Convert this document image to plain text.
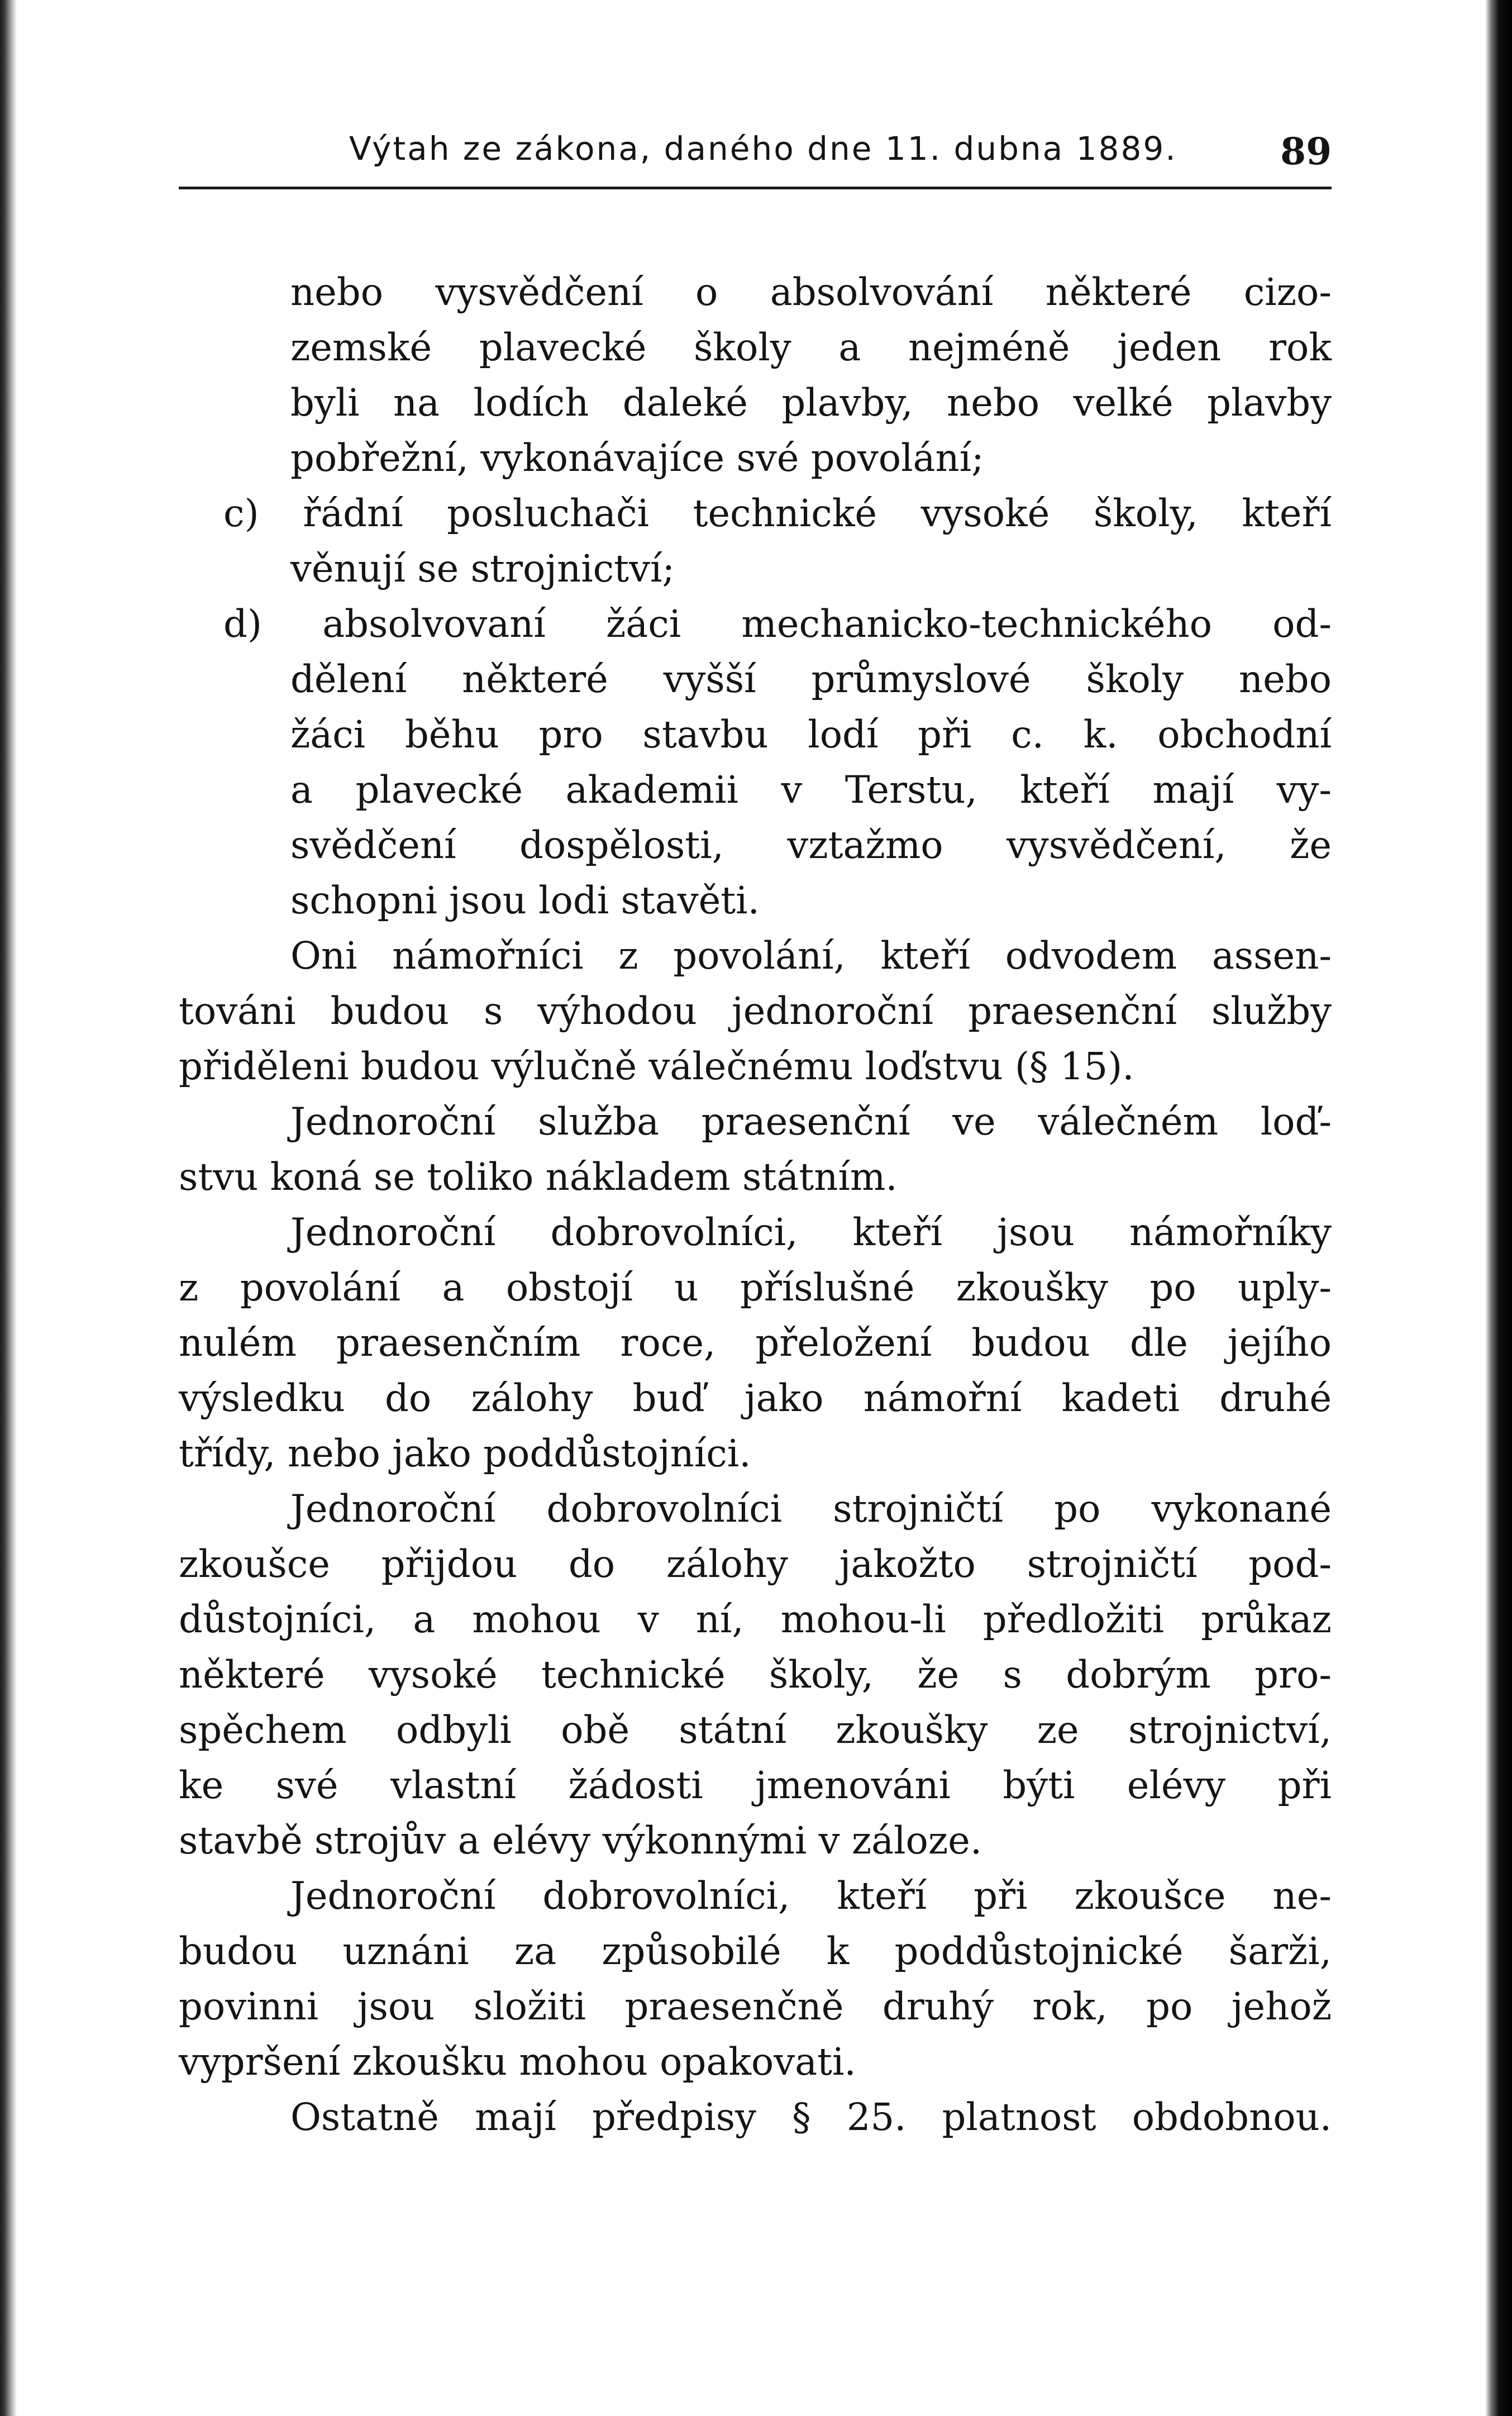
Výtah ze zákona, daného dne 11. dubna 1889.	89
nebo vysvědčení o absolvování některé cizo-
zemské plavecké školy a nejméně jeden rok
byli na lodích daleké plavby, nebo velké plavby
pobřežní, vykonávajíce své povolání;
c) řádní posluchači technické vysoké školy, kteří
věnují se strojnictví;
d) absolvovaní žáci mechanicko-technického od-
dělení některé vyšší průmyslové školy nebo
žáci běhu pro stavbu lodí při c. k. obchodní
a plavecké akademii v Terstu, kteří mají vy-
svědčení dospělosti, vztažmo vysvědčení, že
schopni jsou lodi stavěti.
Oni námořníci z povolání, kteří odvodem assen-
továni budou s výhodou jednoroční praesenční služby
přiděleni budou výlučně válečnému loďstvu (§ 15).
Jednoroční služba praesenční ve válečném loď-
stvu koná se toliko nákladem státním.
Jednoroční dobrovolníci, kteří jsou námořníky
z povolání a obstojí u příslušné zkoušky po uply-
nulém praesenčním roce, přeložení budou dle jejího
výsledku do zálohy buď jako námořní kadeti druhé
třídy, nebo jako poddůstojníci.
Jednoroční dobrovolníci strojničtí po vykonané
zkoušce přijdou do zálohy jakožto strojničtí pod-
důstojníci, a mohou v ní, mohou-li předložiti průkaz
některé vysoké technické školy, že s dobrým pro-
spěchem odbyli obě státní zkoušky ze strojnictví,
ke své vlastní žádosti jmenováni býti elévy při
stavbě strojův a elévy výkonnými v záloze.
Jednoroční dobrovolníci, kteří při zkoušce ne-
budou uznáni za způsobilé k poddůstojnické šarži,
povinni jsou složiti praesenčně druhý rok, po jehož
vypršení zkoušku mohou opakovati.
Ostatně mají předpisy § 25. platnost obdobnou.
